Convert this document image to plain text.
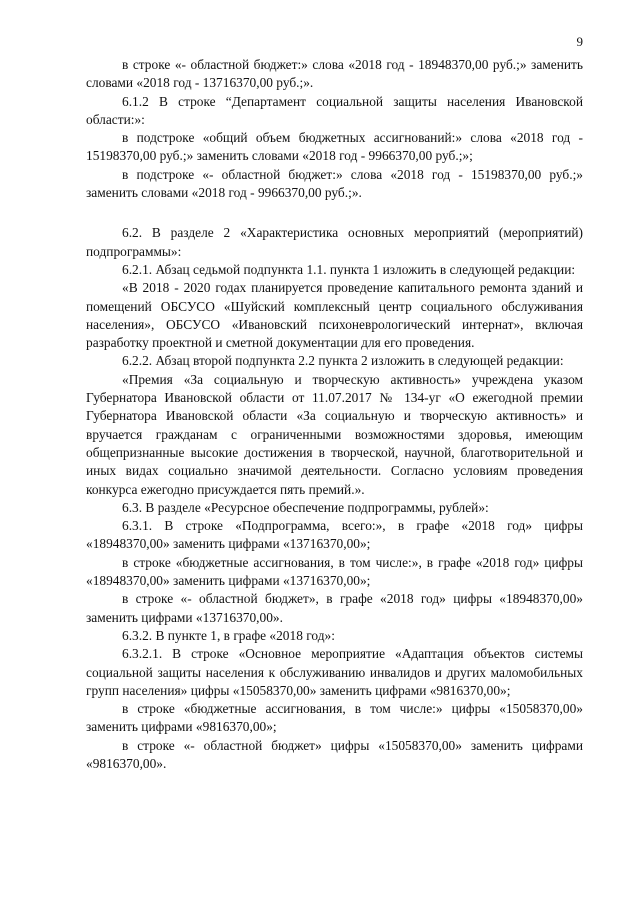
9

в строке «- областной бюджет:» слова «2018 год - 18948370,00 руб.;» заменить словами «2018 год - 13716370,00 руб.;».

6.1.2 В строке “Департамент социальной защиты населения Ивановской области:»:

в подстроке «общий объем бюджетных ассигнований:» слова «2018 год - 15198370,00 руб.;» заменить словами «2018 год - 9966370,00 руб.;»;

в подстроке «- областной бюджет:» слова «2018 год - 15198370,00 руб.;» заменить словами «2018 год - 9966370,00 руб.;».

6.2. В разделе 2 «Характеристика основных мероприятий (мероприятий) подпрограммы»:

6.2.1. Абзац седьмой подпункта 1.1. пункта 1 изложить в следующей редакции:

«В 2018 - 2020 годах планируется проведение капитального ремонта зданий и помещений ОБСУСО «Шуйский комплексный центр социального обслуживания населения», ОБСУСО «Ивановский психоневрологический интернат», включая разработку проектной и сметной документации для его проведения.

6.2.2. Абзац второй подпункта 2.2 пункта 2 изложить в следующей редакции:

«Премия «За социальную и творческую активность» учреждена указом Губернатора Ивановской области от 11.07.2017 № 134-уг «О ежегодной премии Губернатора Ивановской области «За социальную и творческую активность» и вручается гражданам с ограниченными возможностями здоровья, имеющим общепризнанные высокие достижения в творческой, научной, благотворительной и иных видах социально значимой деятельности. Согласно условиям проведения конкурса ежегодно присуждается пять премий.».

6.3. В разделе «Ресурсное обеспечение подпрограммы, рублей»:

6.3.1. В строке «Подпрограмма, всего:», в графе «2018 год» цифры «18948370,00» заменить цифрами «13716370,00»;

в строке «бюджетные ассигнования, в том числе:», в графе «2018 год» цифры «18948370,00» заменить цифрами «13716370,00»;

в строке «- областной бюджет», в графе «2018 год» цифры «18948370,00» заменить цифрами «13716370,00».

6.3.2. В пункте 1, в графе «2018 год»:

6.3.2.1. В строке «Основное мероприятие «Адаптация объектов системы социальной защиты населения к обслуживанию инвалидов и других маломобильных групп населения» цифры «15058370,00» заменить цифрами «9816370,00»;

в строке «бюджетные ассигнования, в том числе:» цифры «15058370,00» заменить цифрами «9816370,00»;

в строке «- областной бюджет» цифры «15058370,00» заменить цифрами «9816370,00».
